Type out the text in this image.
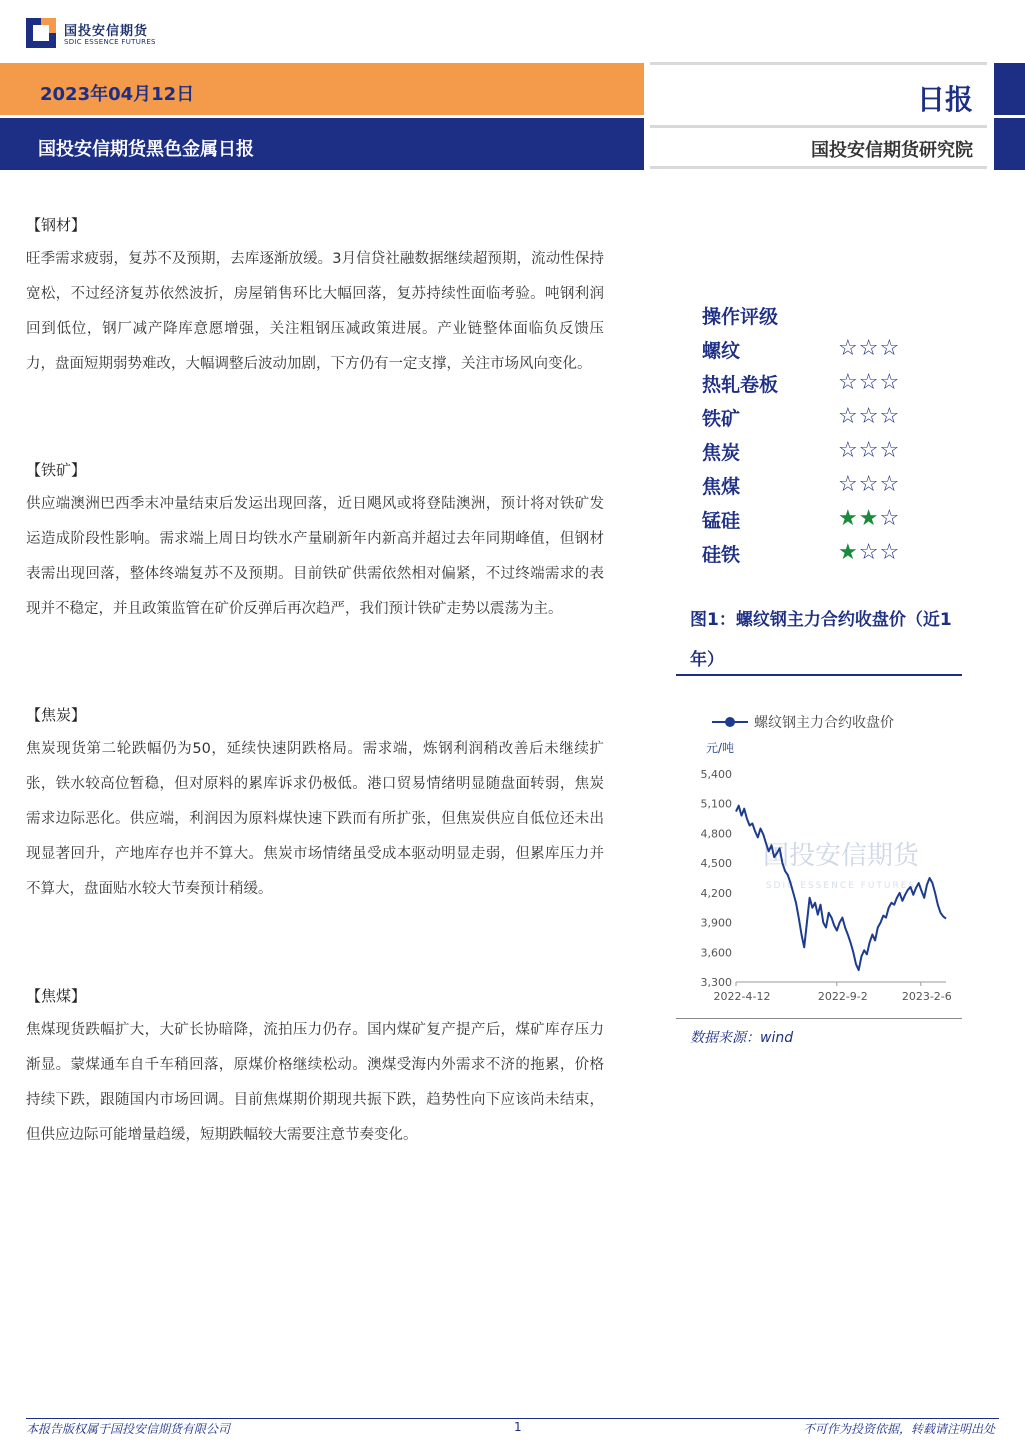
国投安信期货
SDIC ESSENCE FUTURES
2023年04月12日
国投安信期货黑色金属日报
日报
国投安信期货研究院
【钢材】
旺季需求疲弱，复苏不及预期，去库逐渐放缓。3月信贷社融数据继续超预期，流动性保持宽松，不过经济复苏依然波折，房屋销售环比大幅回落，复苏持续性面临考验。吨钢利润回到低位，钢厂减产降库意愿增强，关注粗钢压减政策进展。产业链整体面临负反馈压力，盘面短期弱势难改，大幅调整后波动加剧，下方仍有一定支撑，关注市场风向变化。
【铁矿】
供应端澳洲巴西季末冲量结束后发运出现回落，近日飓风或将登陆澳洲，预计将对铁矿发运造成阶段性影响。需求端上周日均铁水产量刷新年内新高并超过去年同期峰值，但钢材表需出现回落，整体终端复苏不及预期。目前铁矿供需依然相对偏紧，不过终端需求的表现并不稳定，并且政策监管在矿价反弹后再次趋严，我们预计铁矿走势以震荡为主。
【焦炭】
焦炭现货第二轮跌幅仍为50，延续快速阴跌格局。需求端，炼钢利润稍改善后未继续扩张，铁水较高位暂稳，但对原料的累库诉求仍极低。港口贸易情绪明显随盘面转弱，焦炭需求边际恶化。供应端，利润因为原料煤快速下跌而有所扩张，但焦炭供应自低位还未出现显著回升，产地库存也并不算大。焦炭市场情绪虽受成本驱动明显走弱，但累库压力并不算大，盘面贴水较大节奏预计稍缓。
【焦煤】
焦煤现货跌幅扩大，大矿长协暗降，流拍压力仍存。国内煤矿复产提产后，煤矿库存压力渐显。蒙煤通车自千车稍回落，原煤价格继续松动。澳煤受海内外需求不济的拖累，价格持续下跌，跟随国内市场回调。目前焦煤期价期现共振下跌，趋势性向下应该尚未结束，但供应边际可能增量趋缓，短期跌幅较大需要注意节奏变化。
操作评级
螺纹	☆☆☆
热轧卷板	☆☆☆
铁矿	☆☆☆
焦炭	☆☆☆
焦煤	☆☆☆
锰硅	★★☆
硅铁	★☆☆
图1：螺纹钢主力合约收盘价（近1年）
螺纹钢主力合约收盘价
元/吨
国投安信期货
SDIC ESSENCE FUTURES
5,400
5,100
4,800
4,500
4,200
3,900
3,600
3,300
2022-4-12	2022-9-2	2023-2-6
数据来源：wind
本报告版权属于国投安信期货有限公司	1	不可作为投资依据，转载请注明出处
